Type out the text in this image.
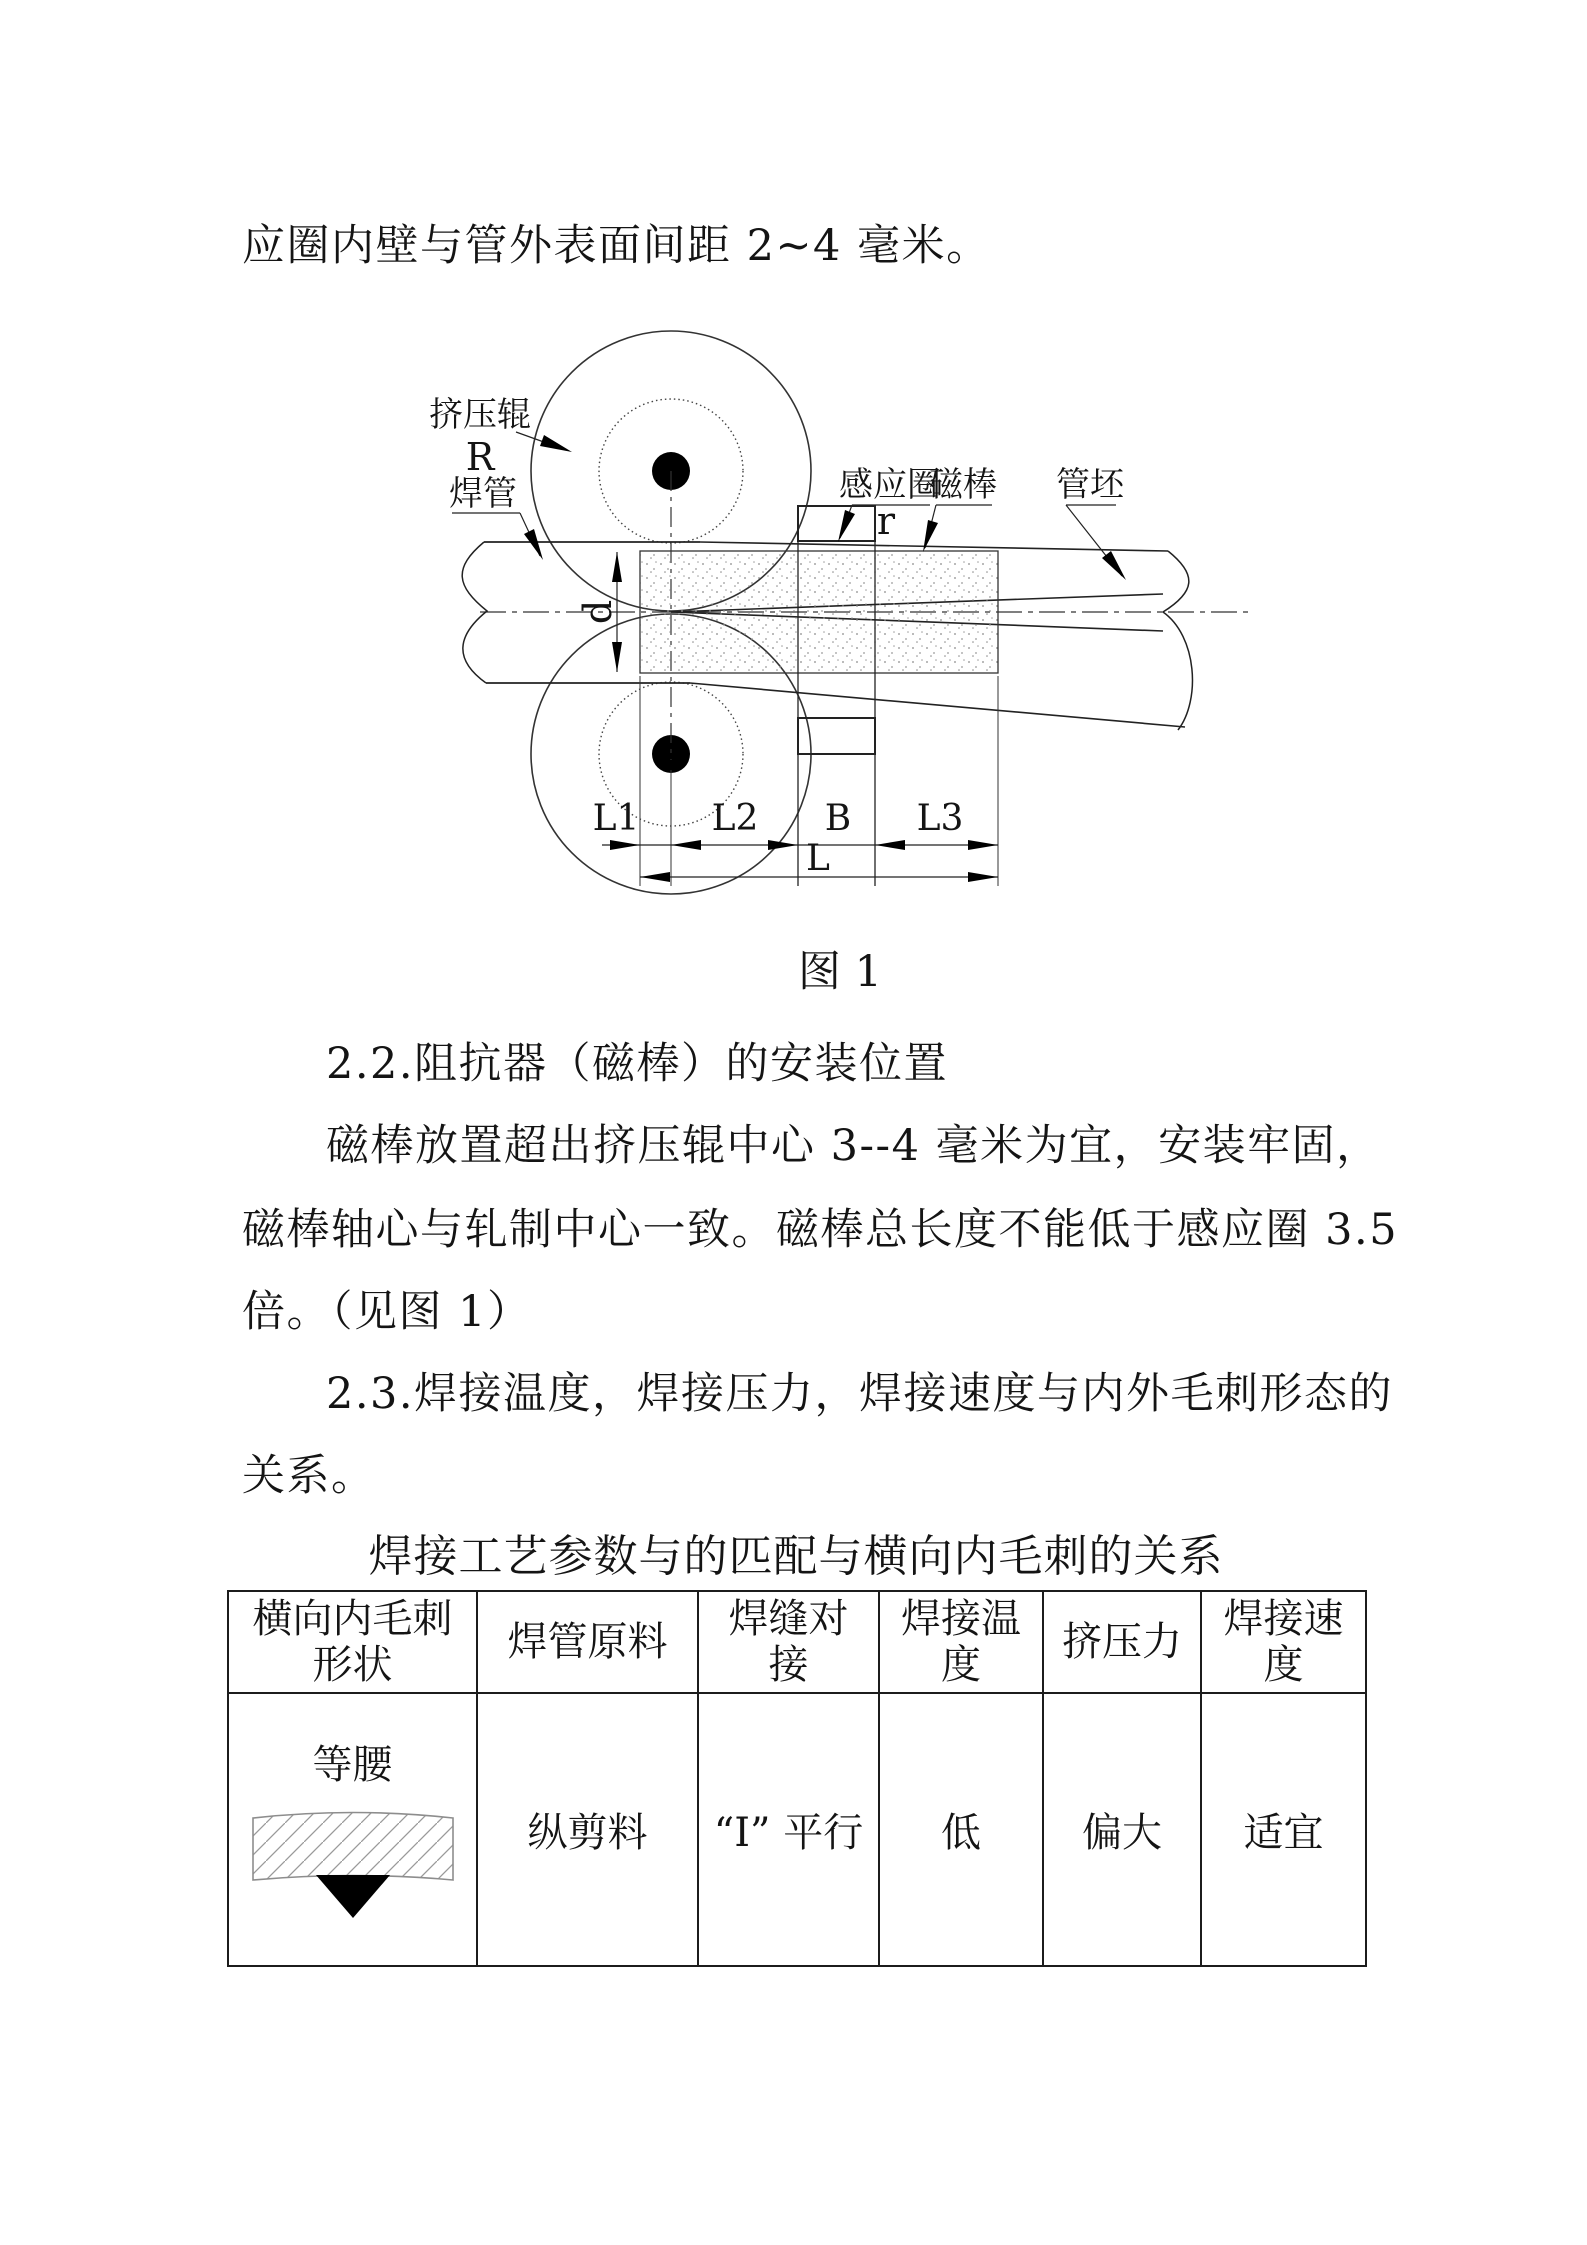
应圈内壁与管外表面间距 2~4 毫米。
2.2.阻抗器（磁棒）的安装位置
磁棒放置超出挤压辊中心 3--4 毫米为宜，安装牢固，
磁棒轴心与轧制中心一致。磁棒总长度不能低于感应圈 3.5
倍。（见图 1）
2.3.焊接温度，焊接压力，焊接速度与内外毛刺形态的
关系。
d
L1 L2 B L3
L
挤压辊
R
焊管	感应圈
r
磁棒 管坯
图 1
焊接工艺参数与的匹配与横向内毛刺的关系
横向内毛刺形状	焊管原料	焊缝对接	焊接温度	挤压力	焊接速度

等腰	纵剪料	“I” 平行	低	偏大	适宜
